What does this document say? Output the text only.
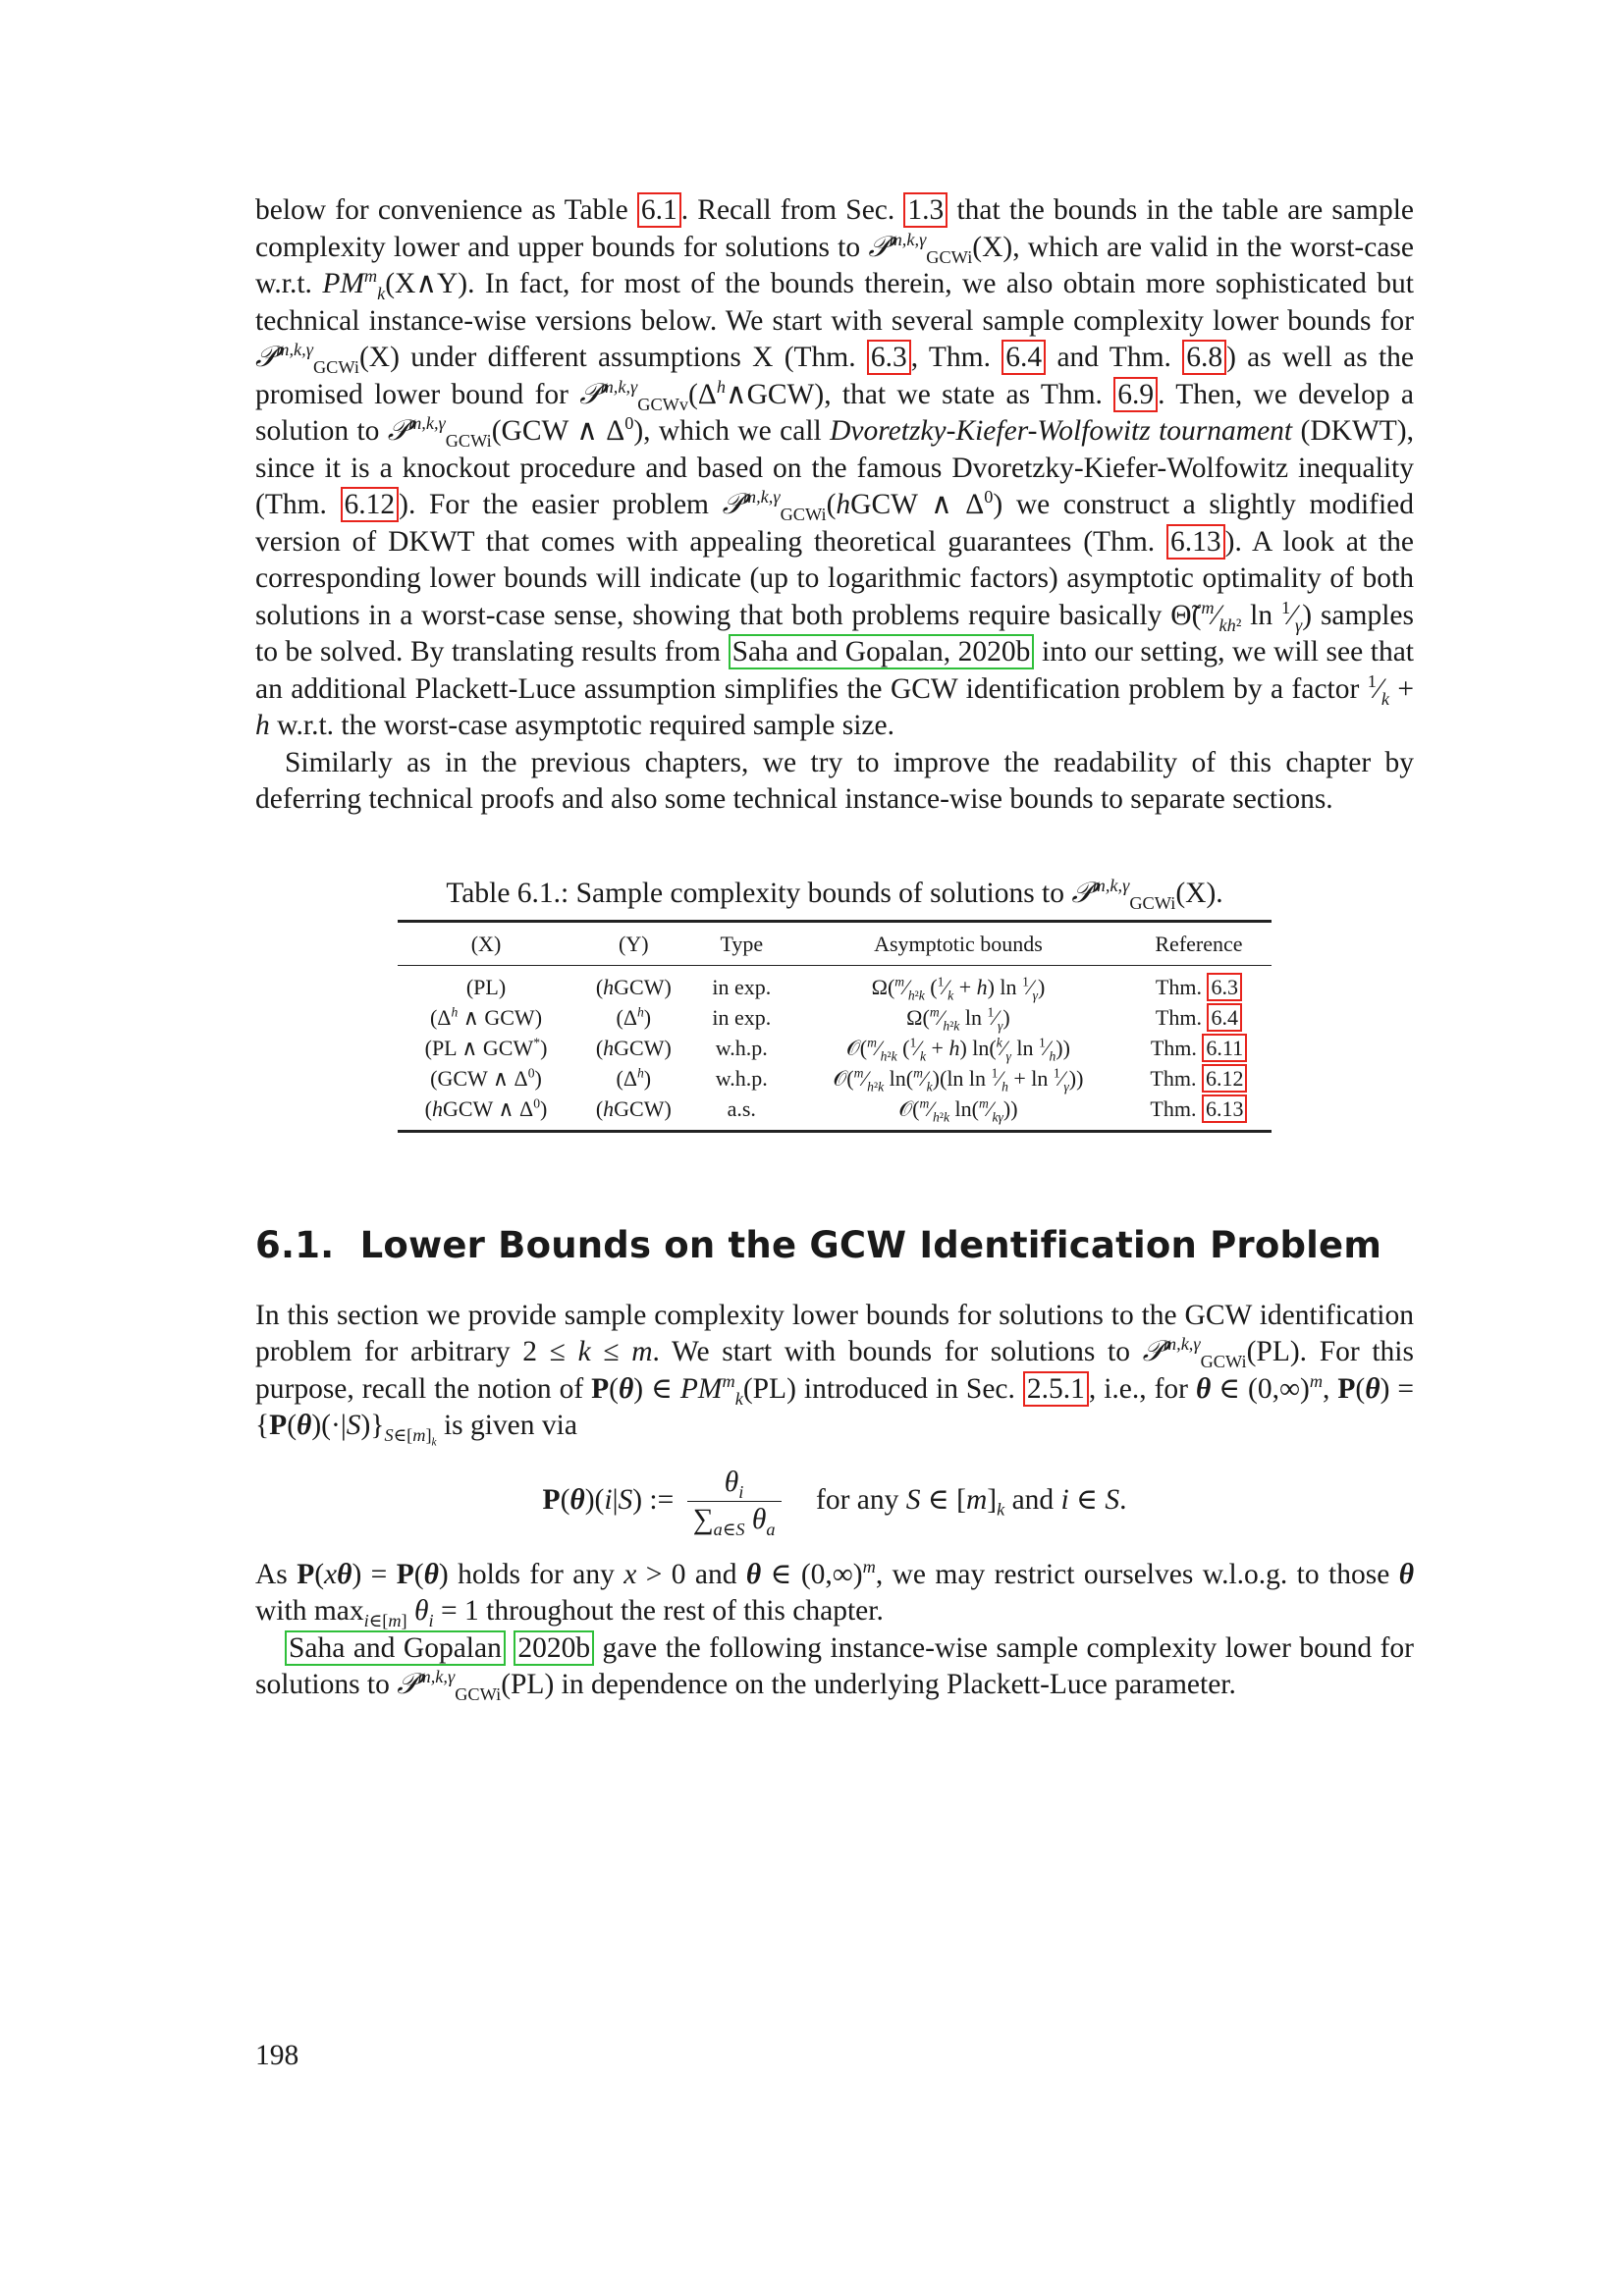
below for convenience as Table 6.1 . Recall from Sec. 1.3 that the bounds in the table are sample complexity lower and upper bounds for solutions to 𝒫$^{m,k,\gamma}_{GCWi}$(X), which are valid in the worst-case w.r.t. $PM^m_k(X\wedge Y)$. In fact, for most of the bounds therein, we also obtain more sophisticated but technical instance-wise versions below. We start with several sample complexity lower bounds for 𝒫$^{m,k,\gamma}_{GCWi}$(X) under different assumptions X (Thm. 6.3 , Thm. 6.4 and Thm. 6.8 ) as well as the promised lower bound for $𝒫^{m,k,\gamma}_{GCWv}(\Delta^h\wedge GCW)$, that we state as Thm. 6.9 . Then, we develop a solution to 𝒫$^{m,k,\gamma}_{GCWi}$(GCW ∧ $\Delta^0$), which we call Dvoretzky-Kiefer-Wolfowitz tournament (DKWT), since it is a knockout procedure and based on the famous Dvoretzky-Kiefer-Wolfowitz inequality (Thm. 6.12 ). For the easier problem 𝒫$^{m,k,\gamma}_{GCWi}$(hGCW ∧ $\Delta^0$) we construct a slightly modified version of DKWT that comes with appealing theoretical guarantees (Thm. 6.13 ). A look at the corresponding lower bounds will indicate (up to logarithmic factors) asymptotic optimality of both solutions in a worst-case sense, showing that both problems require basically $\Thetã(^m⁄_{kh^2}$ $\ln ^1⁄_\gamma$) samples to be solved. By translating results from Saha and Gopalan, 2020b into our setting, we will see that an additional Plackett-Luce assumption simplifies the GCW identification problem by a factor $^1⁄_k + h$ w.r.t. the worst-case asymptotic required sample size.

Similarly as in the previous chapters, we try to improve the readability of this chapter by deferring technical proofs and also some technical instance-wise bounds to separate sections.

Table 6.1.: Sample complexity bounds of solutions to 𝒫$^{m,k,\gamma}_{GCWi}$(X).
(X)	(Y)	Type	Asymptotic bounds	Reference
(PL)	(hGCW)	in exp.	$\Omega(^m⁄_{h^2k}$ $(^1⁄_k + h)$ $\ln ^1⁄_\gamma$)	Thm. 6.3
($\Delta^h$ ∧ GCW)	$(\Delta^h)$	in exp.	$\Omega(^m⁄_{h^2k}$ $\ln ^1⁄_\gamma$)	Thm. 6.4
(PL ∧ GCW*)	(hGCW)	w.h.p.	$𝒪(^m⁄_{h^2k}$ $(^1⁄_k + h)$ $\ln(^k⁄_\gamma$ $\ln ^1⁄_h$))	Thm. 6.11
(GCW ∧ $\Delta^0$)	$(\Delta^h)$	w.h.p.	$𝒪(^m⁄_{h^2k}$ $\ln(^m⁄_k)(\ln$ $\ln ^1⁄_h + \ln$ $^1⁄_\gamma$))	Thm. 6.12
(hGCW ∧ $\Delta^0$)	(hGCW)	a.s.	$𝒪(^m⁄_{h^2k}$ $\ln(^m⁄_{k\gamma})$)	Thm. 6.13
6.1. Lower Bounds on the GCW Identification Problem

In this section we provide sample complexity lower bounds for solutions to the GCW identification problem for arbitrary 2 ≤ k ≤ m. We start with bounds for solutions to 𝒫$^{m,k,\gamma}_{GCWi}$(PL). For this purpose, recall the notion of P(θ) ∈ $PM^m_k(PL)$ introduced in Sec. 2.5.1 , i.e., for θ ∈ $(0,\infty)^m$, $P(\theta) = \{P(\theta)(\cdot|S)\}_{S\in[m]_k}$ is given via

P(θ)(i|S) := $\frac{\theta_i}{\sum_{a\in S} \theta_a}$ for any S ∈ $[m]_k$ and i ∈ S.

As P(xθ) = P(θ) holds for any x > 0 and θ ∈ $(0,\infty)^m$, we may restrict ourselves w.l.o.g. to those θ with $\max_{i\in[m]} \theta_i = 1$ throughout the rest of this chapter.

Saha and Gopalan 2020b gave the following instance-wise sample complexity lower bound for solutions to 𝒫$^{m,k,\gamma}_{GCWi}$(PL) in dependence on the underlying Plackett-Luce parameter.

198
